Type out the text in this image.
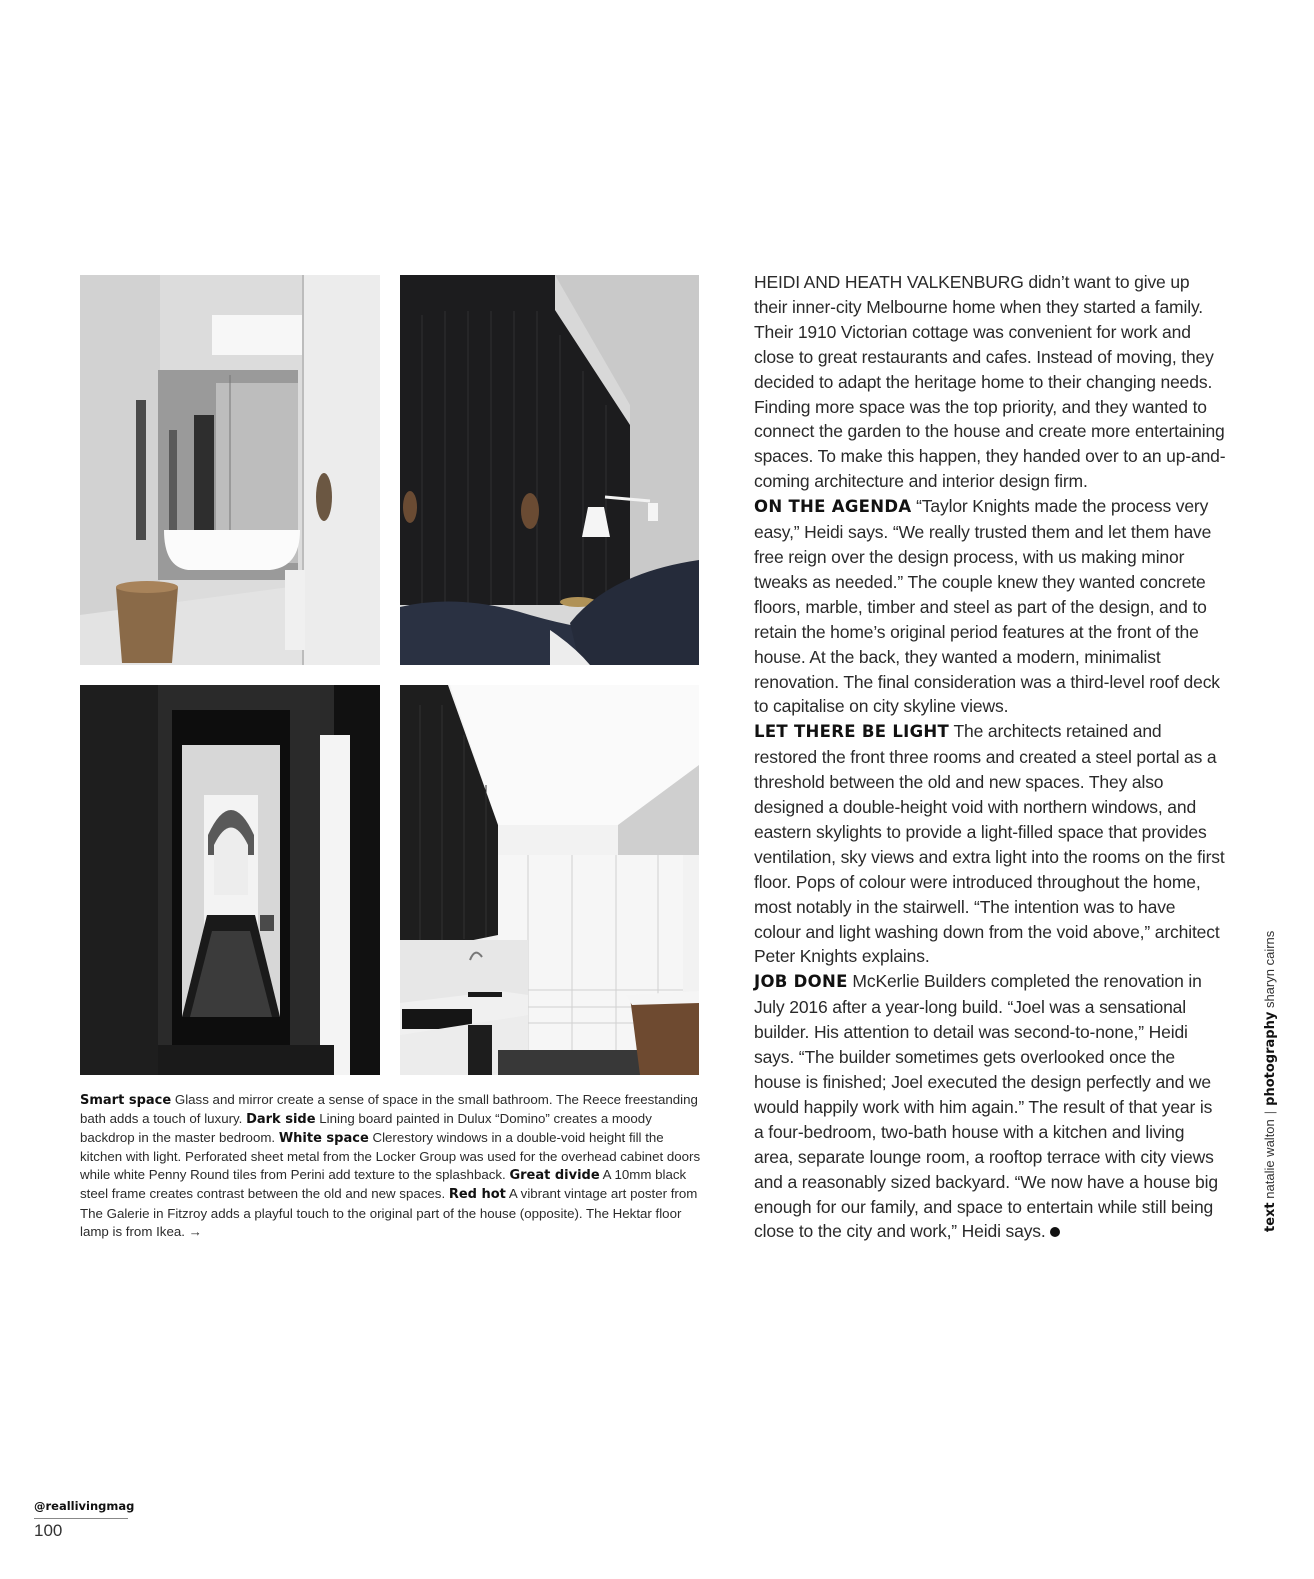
Smart space Glass and mirror create a sense of space in the small bathroom. The Reece freestanding bath adds a touch of luxury. Dark side Lining board painted in Dulux “Domino” creates a moody backdrop in the master bedroom. White space Clerestory windows in a double-void height fill the kitchen with light. Perforated sheet metal from the Locker Group was used for the overhead cabinet doors while white Penny Round tiles from Perini add texture to the splashback. Great divide A 10mm black steel frame creates contrast between the old and new spaces. Red hot A vibrant vintage art poster from The Galerie in Fitzroy adds a playful touch to the original part of the house (opposite). The Hektar floor lamp is from Ikea. →

HEIDI AND HEATH VALKENBURG didn’t want to give up their inner-city Melbourne home when they started a family. Their 1910 Victorian cottage was convenient for work and close to great restaurants and cafes. Instead of moving, they decided to adapt the heritage home to their changing needs. Finding more space was the top priority, and they wanted to connect the garden to the house and create more entertaining spaces. To make this happen, they handed over to an up-and-coming architecture and interior design firm.

ON THE AGENDA “Taylor Knights made the process very easy,” Heidi says. “We really trusted them and let them have free reign over the design process, with us making minor tweaks as needed.” The couple knew they wanted concrete floors, marble, timber and steel as part of the design, and to retain the home’s original period features at the front of the house. At the back, they wanted a modern, minimalist renovation. The final consideration was a third-level roof deck to capitalise on city skyline views.

LET THERE BE LIGHT The architects retained and restored the front three rooms and created a steel portal as a threshold between the old and new spaces. They also designed a double-height void with northern windows, and eastern skylights to provide a light-filled space that provides ventilation, sky views and extra light into the rooms on the first floor. Pops of colour were introduced throughout the home, most notably in the stairwell. “The intention was to have colour and light washing down from the void above,” architect Peter Knights explains.

JOB DONE McKerlie Builders completed the renovation in July 2016 after a year-long build. “Joel was a sensational builder. His attention to detail was second-to-none,” Heidi says. “The builder sometimes gets overlooked once the house is finished; Joel executed the design perfectly and we would happily work with him again.” The result of that year is a four-bedroom, two-bath house with a kitchen and living area, separate lounge room, a rooftop terrace with city views and a reasonably sized backyard. “We now have a house big enough for our family, and space to entertain while still being close to the city and work,” Heidi says.	text natalie walton|photography sharyn cairns
@reallivingmag
100
